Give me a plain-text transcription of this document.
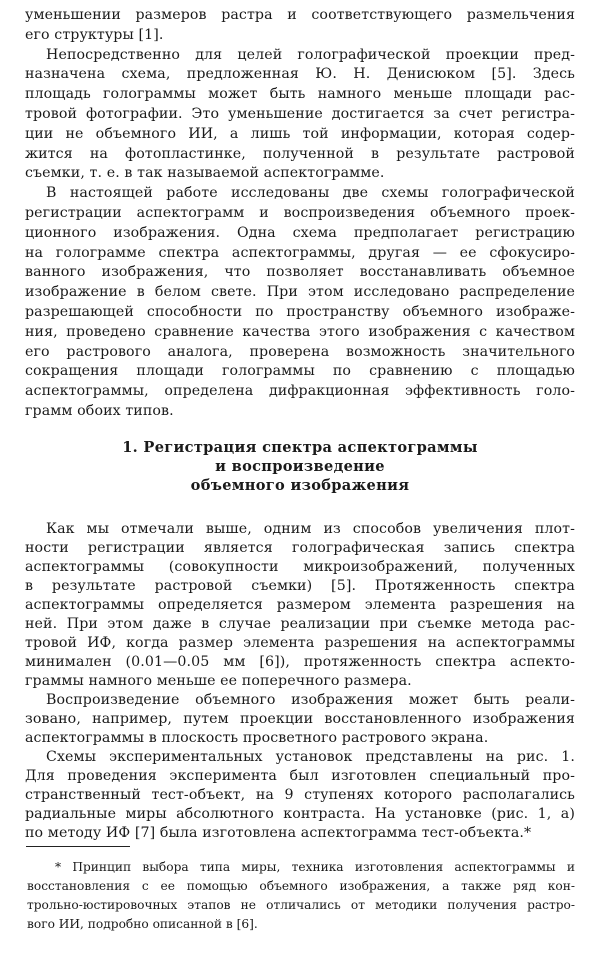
уменьшении размеров растра и соответствующего размельчения
его структуры [1].
Непосредственно для целей голографической проекции пред-
назначена схема, предложенная Ю. Н. Денисюком [5]. Здесь
площадь голограммы может быть намного меньше площади рас-
тровой фотографии. Это уменьшение достигается за счет регистра-
ции не объемного ИИ, а лишь той информации, которая содер-
жится на фотопластинке, полученной в результате растровой
съемки, т. е. в так называемой аспектограмме.
В настоящей работе исследованы две схемы голографической
регистрации аспектограмм и воспроизведения объемного проек-
ционного изображения. Одна схема предполагает регистрацию
на голограмме спектра аспектограммы, другая — ее сфокусиро-
ванного изображения, что позволяет восстанавливать объемное
изображение в белом свете. При этом исследовано распределение
разрешающей способности по пространству объемного изображе-
ния, проведено сравнение качества этого изображения с качеством
его растрового аналога, проверена возможность значительного
сокращения площади голограммы по сравнению с площадью
аспектограммы, определена дифракционная эффективность голо-
грамм обоих типов.
1. Регистрация спектра аспектограммы
и воспроизведение
объемного изображения
Как мы отмечали выше, одним из способов увеличения плот-
ности регистрации является голографическая запись спектра
аспектограммы (совокупности микроизображений, полученных
в результате растровой съемки) [5]. Протяженность спектра
аспектограммы определяется размером элемента разрешения на
ней. При этом даже в случае реализации при съемке метода рас-
тровой ИФ, когда размер элемента разрешения на аспектограммы
минимален (0.01—0.05 мм [6]), протяженность спектра аспекто-
граммы намного меньше ее поперечного размера.
Воспроизведение объемного изображения может быть реали-
зовано, например, путем проекции восстановленного изображения
аспектограммы в плоскость просветного растрового экрана.
Схемы экспериментальных установок представлены на рис. 1.
Для проведения эксперимента был изготовлен специальный про-
странственный тест-объект, на 9 ступенях которого располагались
радиальные миры абсолютного контраста. На установке (рис. 1, а)
по методу ИФ [7] была изготовлена аспектограмма тест-объекта.*
* Принцип выбора типа миры, техника изготовления аспектограммы и
восстановления с ее помощью объемного изображения, а также ряд кон-
трольно-юстировочных этапов не отличались от методики получения растро-
вого ИИ, подробно описанной в [6].
